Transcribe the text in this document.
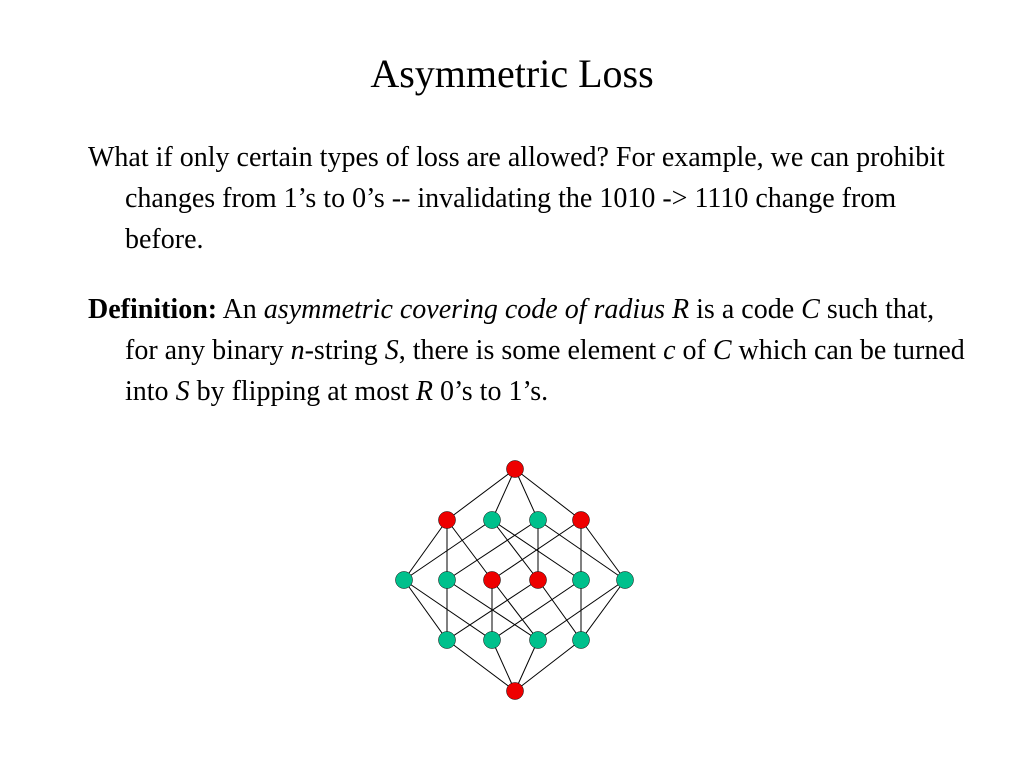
Asymmetric Loss

What if only certain types of loss are allowed? For example, we can prohibit changes from 1’s to 0’s -- invalidating the 1010 -> 1110 change from before.

Definition: An asymmetric covering code of radius R is a code C such that, for any binary n-string S, there is some element c of C which can be turned into S by flipping at most R 0’s to 1’s.
